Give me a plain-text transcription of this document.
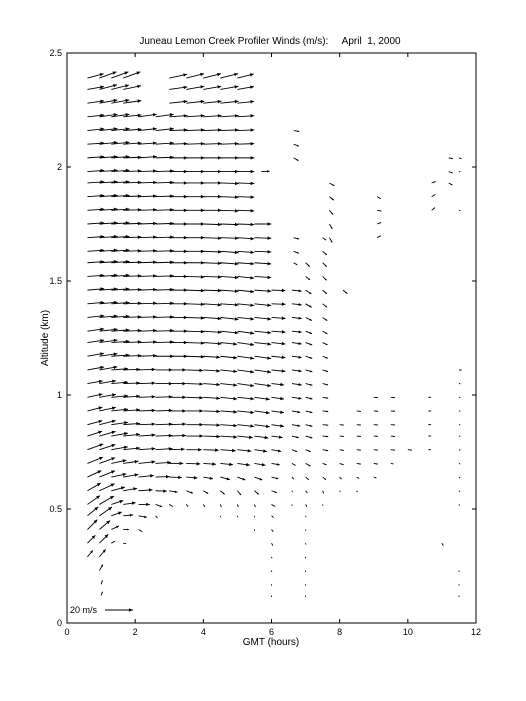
Juneau Lemon Creek Profiler Winds (m/s):     April  1, 2000
GMT (hours)
Altitude (km)
0	2	4	6	8	10	12
0
0.5
1
1.5
2
2.5
20 m/s
